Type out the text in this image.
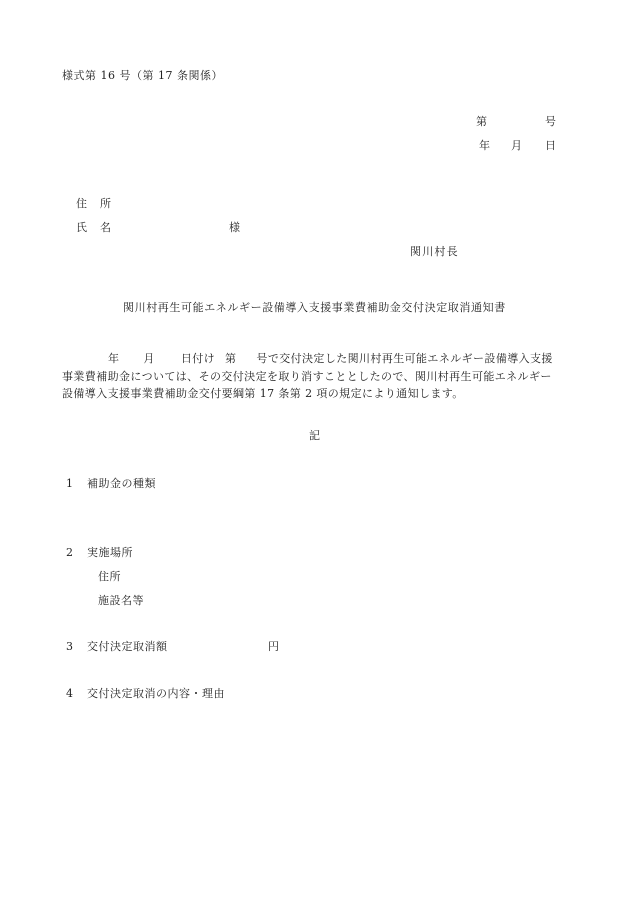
様式第 16 号（第 17 条関係）
第	号
年 月 日
住　所
氏　名	様
関川村長
関川村再生可能エネルギー設備導入支援事業費補助金交付決定取消通知書
年 月 日付け 第 号で交付決定した関川村再生可能エネルギー設備導入支援
事業費補助金については、その交付決定を取り消すこととしたので、関川村再生可能エネルギー
設備導入支援事業費補助金交付要綱第 17 条第 2 項の規定により通知します。
記
1 補助金の種類
2 実施場所
住所
施設名等
3 交付決定取消額	円
4 交付決定取消の内容・理由
